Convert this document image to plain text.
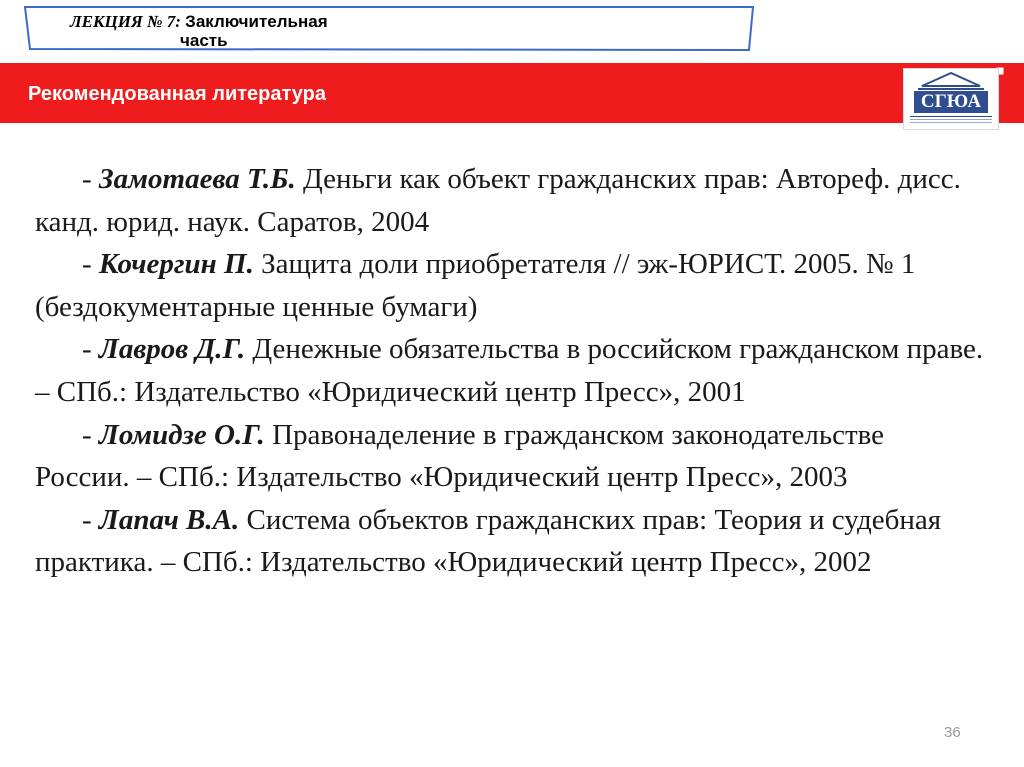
ЛЕКЦИЯ № 7: Заключительная
часть
Рекомендованная литература	СГЮА
- Замотаева Т.Б. Деньги как объект гражданских прав: Автореф. дисс. канд. юрид. наук. Саратов, 2004
- Кочергин П. Защита доли приобретателя // эж-ЮРИСТ. 2005. № 1 (бездокументарные ценные бумаги)
- Лавров Д.Г. Денежные обязательства в российском гражданском праве. – СПб.: Издательство «Юридический центр Пресс», 2001
- Ломидзе О.Г. Правонаделение в гражданском законодательстве России. – СПб.: Издательство «Юридический центр Пресс», 2003
- Лапач В.А. Система объектов гражданских прав: Теория и судебная практика. – СПб.: Издательство «Юридический центр Пресс», 2002
36
